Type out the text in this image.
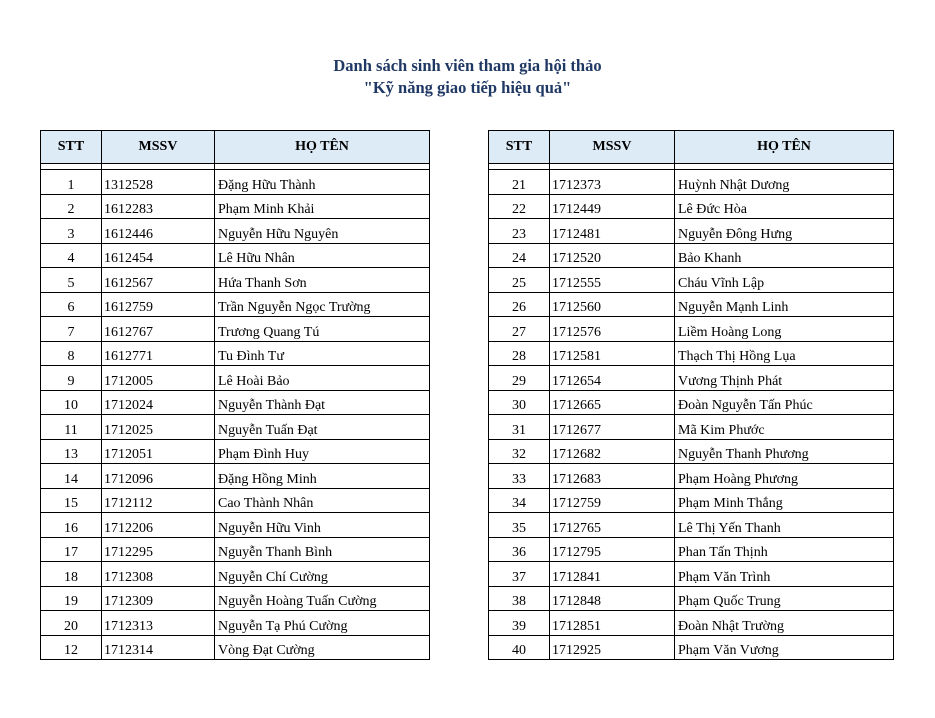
Danh sách sinh viên tham gia hội thảo
"Kỹ năng giao tiếp hiệu quả"
STT	MSSV	HỌ TÊN

1	1312528	Đặng Hữu Thành
2	1612283	Phạm Minh Khải
3	1612446	Nguyễn Hữu Nguyên
4	1612454	Lê Hữu Nhân
5	1612567	Hứa Thanh Sơn
6	1612759	Trần Nguyễn Ngọc Trường
7	1612767	Trương Quang Tú
8	1612771	Tu Đình Tư
9	1712005	Lê Hoài Bảo
10	1712024	Nguyễn Thành Đạt
11	1712025	Nguyễn Tuấn Đạt
13	1712051	Phạm Đình Huy
14	1712096	Đặng Hồng Minh
15	1712112	Cao Thành Nhân
16	1712206	Nguyễn Hữu Vinh
17	1712295	Nguyễn Thanh Bình
18	1712308	Nguyễn Chí Cường
19	1712309	Nguyễn Hoàng Tuấn Cường
20	1712313	Nguyễn Tạ Phú Cường
12	1712314	Vòng Đạt Cường
STT	MSSV	HỌ TÊN

21	1712373	Huỳnh Nhật Dương
22	1712449	Lê Đức Hòa
23	1712481	Nguyễn Đông Hưng
24	1712520	Bảo Khanh
25	1712555	Cháu Vĩnh Lập
26	1712560	Nguyễn Mạnh Linh
27	1712576	Liềm Hoàng Long
28	1712581	Thạch Thị Hồng Lụa
29	1712654	Vương Thịnh Phát
30	1712665	Đoàn Nguyễn Tấn Phúc
31	1712677	Mã Kim Phước
32	1712682	Nguyễn Thanh Phương
33	1712683	Phạm Hoàng Phương
34	1712759	Phạm Minh Thắng
35	1712765	Lê Thị Yến Thanh
36	1712795	Phan Tấn Thịnh
37	1712841	Phạm Văn Trình
38	1712848	Phạm Quốc Trung
39	1712851	Đoàn Nhật Trường
40	1712925	Phạm Văn Vương
